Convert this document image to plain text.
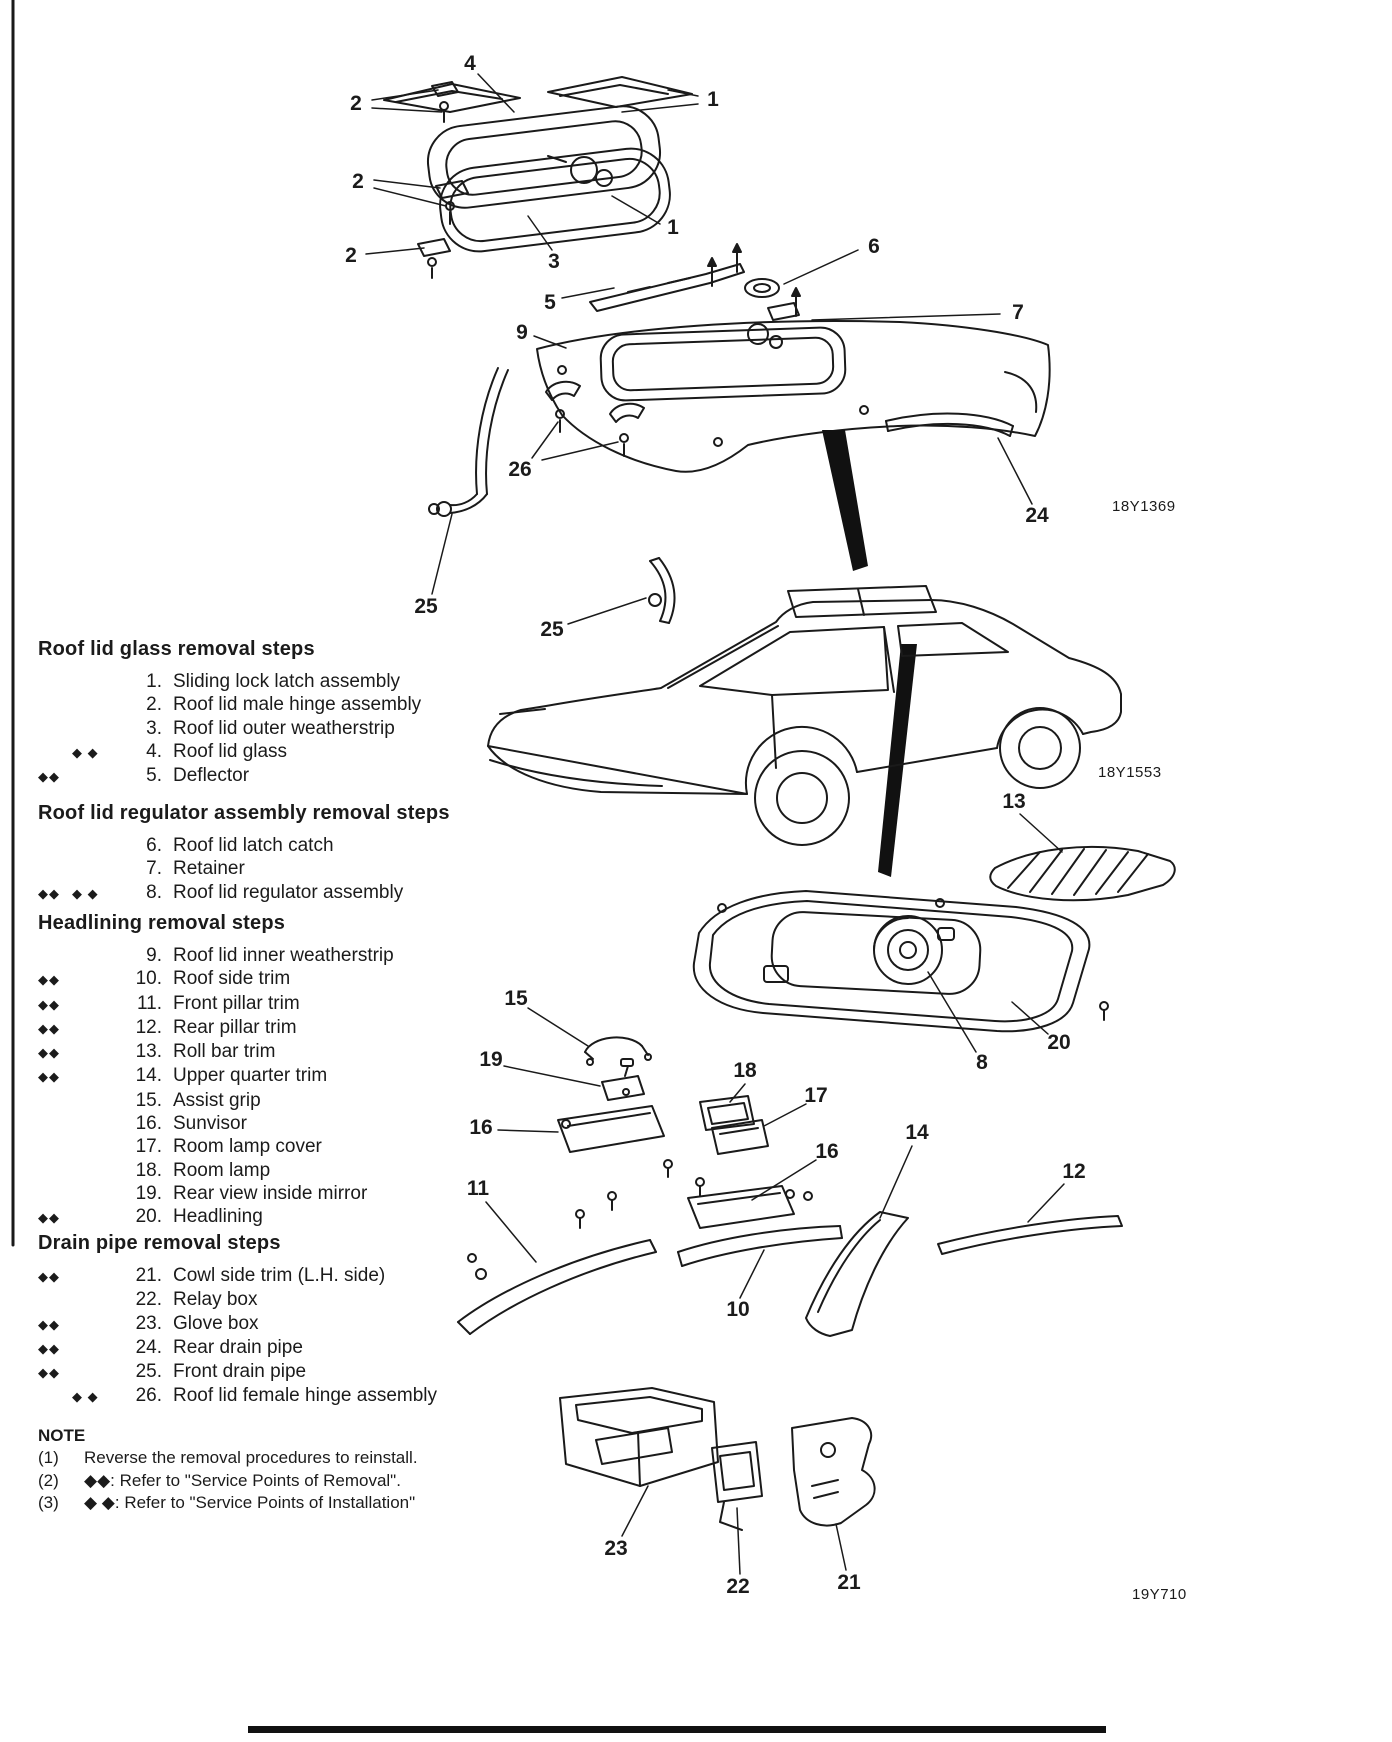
4
1
2
2
1
6
2	3
5	7
9
26
24
25
25
13
15
20
19	8
18
17
16	14
16
12
11
10
23
22	21
18Y1369
18Y1553
19Y710
Roof lid glass removal steps
1. Sliding lock latch assembly
2. Roof lid male hinge assembly
3. Roof lid outer weatherstrip
◆ ◆	4. Roof lid glass
◆◆	5. Deflector
Roof lid regulator assembly removal steps
6. Roof lid latch catch
7. Retainer
◆◆ ◆ ◆	8. Roof lid regulator assembly
Headlining removal steps
9. Roof lid inner weatherstrip
◆◆	10. Roof side trim
◆◆	11. Front pillar trim
◆◆	12. Rear pillar trim
◆◆	13. Roll bar trim
◆◆	14. Upper quarter trim
15. Assist grip
16. Sunvisor
17. Room lamp cover
18. Room lamp
19. Rear view inside mirror
◆◆	20. Headlining
Drain pipe removal steps
◆◆	21. Cowl side trim (L.H. side)
22. Relay box
◆◆	23. Glove box
◆◆	24. Rear drain pipe
◆◆	25. Front drain pipe
◆ ◆	26. Roof lid female hinge assembly
NOTE
(1)	Reverse the removal procedures to reinstall.
(2)	◆◆: Refer to "Service Points of Removal".
(3)	◆ ◆: Refer to "Service Points of Installation"
